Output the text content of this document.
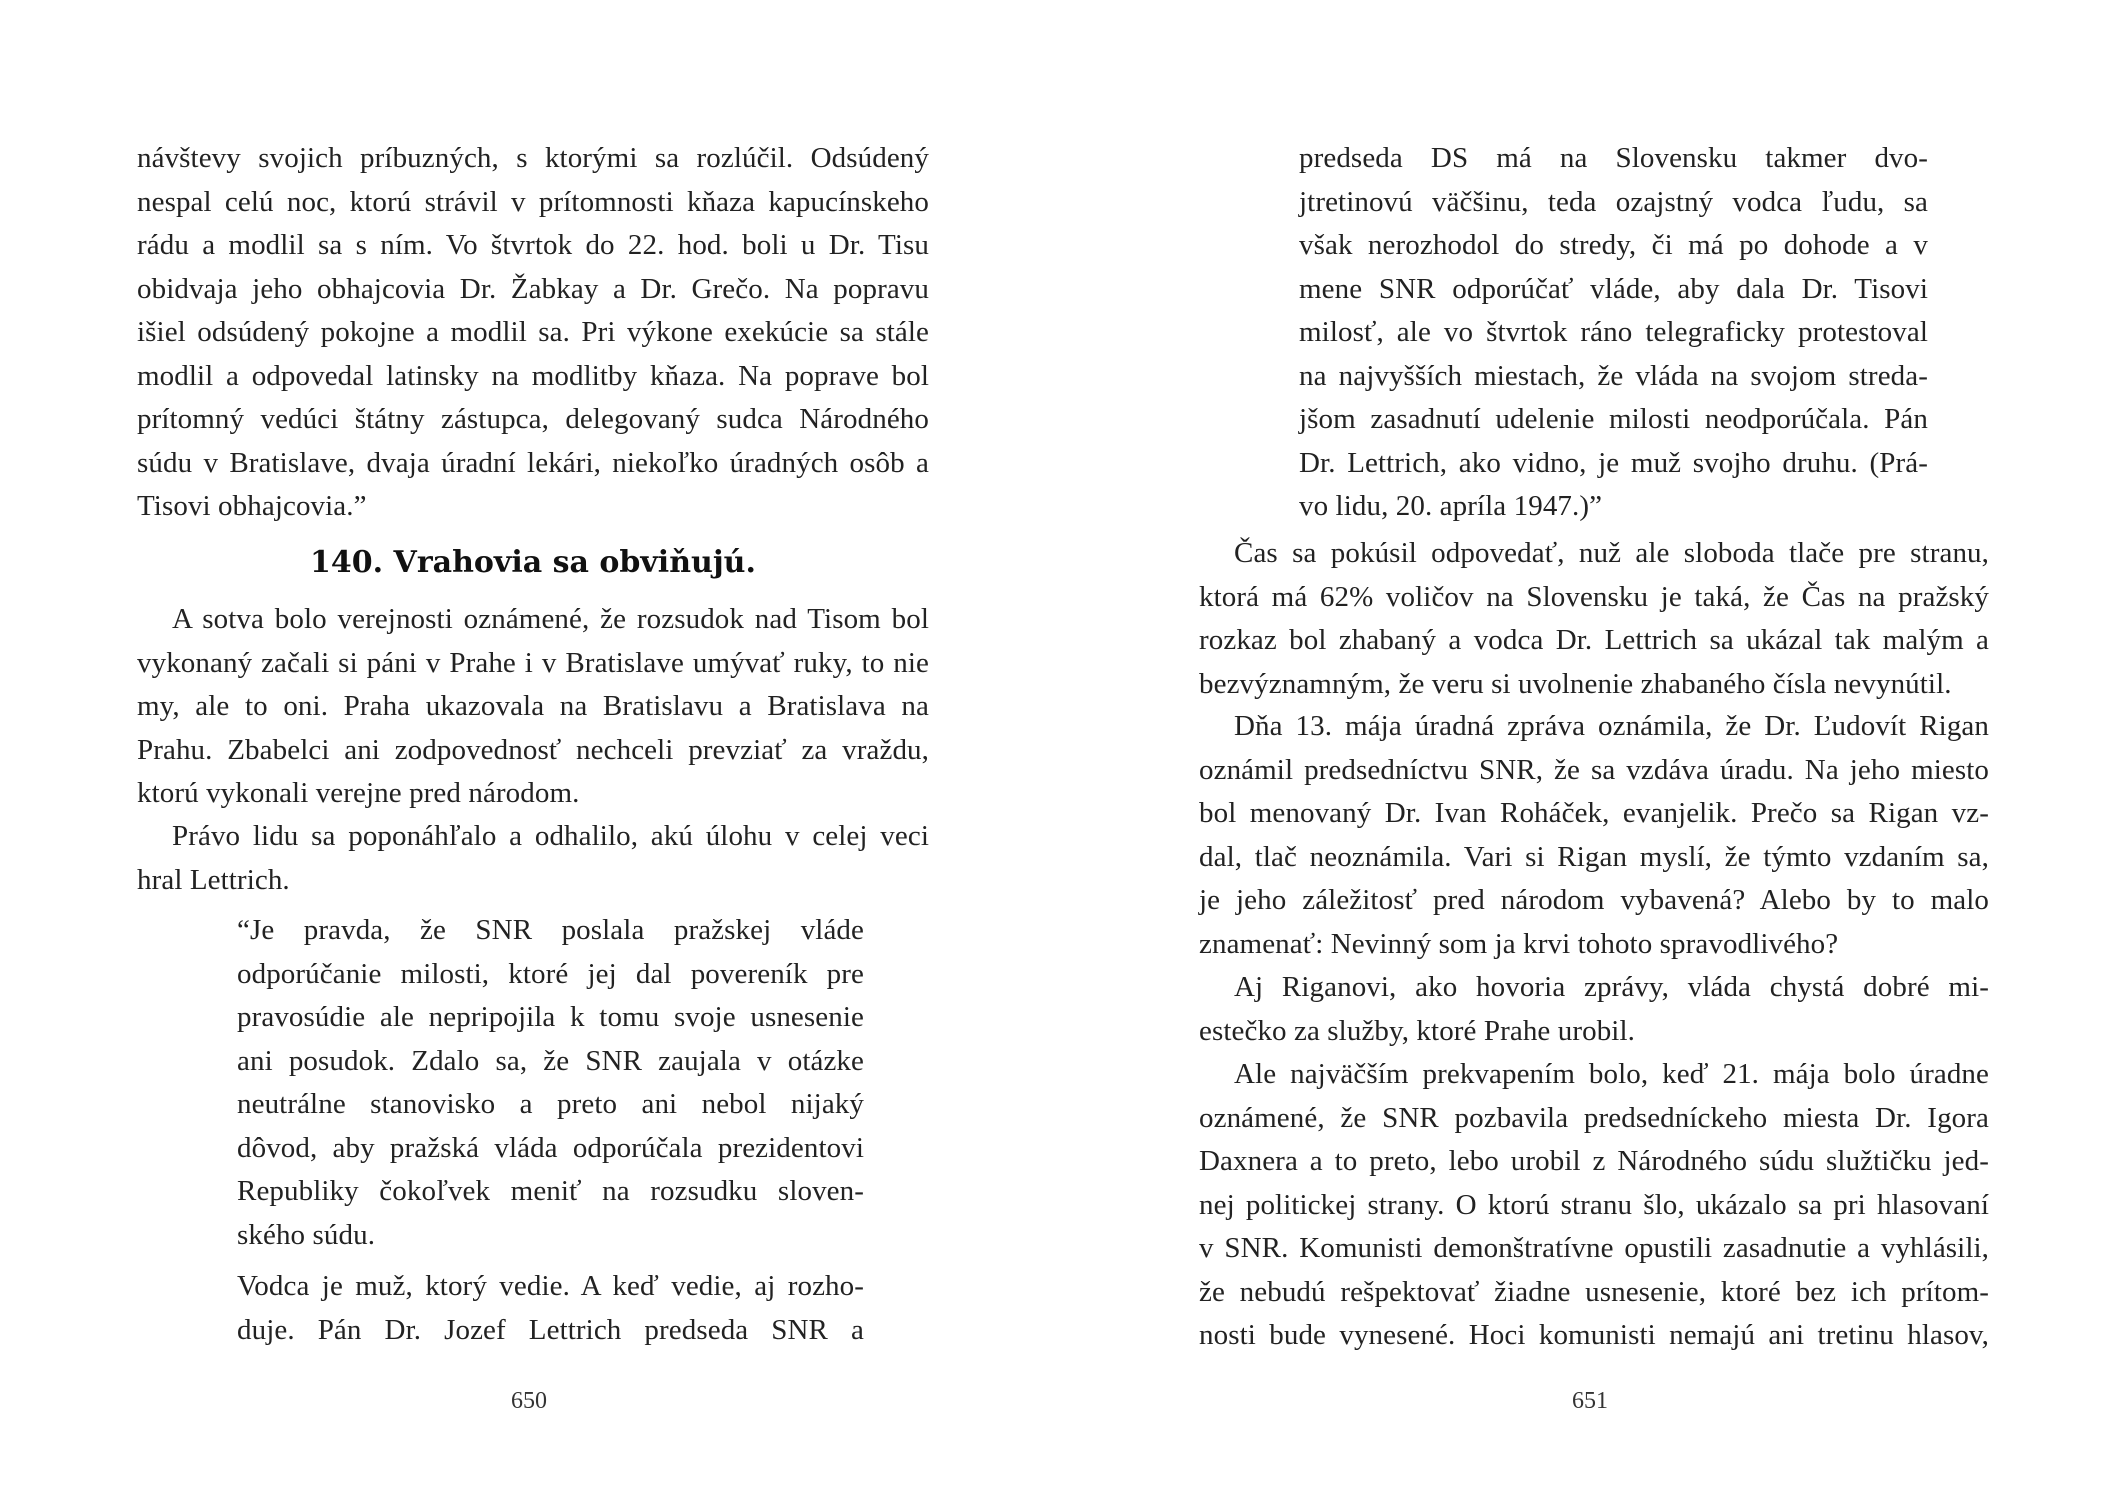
návštevy svojich príbuzných, s ktorými sa rozlúčil. Odsúdený
nespal celú noc, ktorú strávil v prítomnosti kňaza kapucínskeho
rádu a modlil sa s ním. Vo štvrtok do 22. hod. boli u Dr. Tisu
obidvaja jeho obhajcovia Dr. Žabkay a Dr. Grečo. Na popravu
išiel odsúdený pokojne a modlil sa. Pri výkone exekúcie sa stále
modlil a odpovedal latinsky na modlitby kňaza. Na poprave bol
prítomný vedúci štátny zástupca, delegovaný sudca Národného
súdu v Bratislave, dvaja úradní lekári, niekoľko úradných osôb a
Tisovi obhajcovia.”
140. Vrahovia sa obviňujú.
A sotva bolo verejnosti oznámené, že rozsudok nad Tisom bol
vykonaný začali si páni v Prahe i v Bratislave umývať ruky, to nie
my, ale to oni. Praha ukazovala na Bratislavu a Bratislava na
Prahu. Zbabelci ani zodpovednosť nechceli prevziať za vraždu,
ktorú vykonali verejne pred národom.
Právo lidu sa poponáhľalo a odhalilo, akú úlohu v celej veci
hral Lettrich.
“Je pravda, že SNR poslala pražskej vláde
odporúčanie milosti, ktoré jej dal povereník pre
pravosúdie ale nepripojila k tomu svoje usnesenie
ani posudok. Zdalo sa, že SNR zaujala v otázke
neutrálne stanovisko a preto ani nebol nijaký
dôvod, aby pražská vláda odporúčala prezidentovi
Republiky čokoľvek meniť na rozsudku sloven-
ského súdu.
Vodca je muž, ktorý vedie. A keď vedie, aj rozho-
duje. Pán Dr. Jozef Lettrich predseda SNR a
650
predseda DS má na Slovensku takmer dvo-
jtretinovú väčšinu, teda ozajstný vodca ľudu, sa
však nerozhodol do stredy, či má po dohode a v
mene SNR odporúčať vláde, aby dala Dr. Tisovi
milosť, ale vo štvrtok ráno telegraficky protestoval
na najvyšších miestach, že vláda na svojom streda-
jšom zasadnutí udelenie milosti neodporúčala. Pán
Dr. Lettrich, ako vidno, je muž svojho druhu. (Prá-
vo lidu, 20. apríla 1947.)”
Čas sa pokúsil odpovedať, nuž ale sloboda tlače pre stranu,
ktorá má 62% voličov na Slovensku je taká, že Čas na pražský
rozkaz bol zhabaný a vodca Dr. Lettrich sa ukázal tak malým a
bezvýznamným, že veru si uvolnenie zhabaného čísla nevynútil.
Dňa 13. mája úradná zpráva oznámila, že Dr. Ľudovít Rigan
oznámil predsedníctvu SNR, že sa vzdáva úradu. Na jeho miesto
bol menovaný Dr. Ivan Roháček, evanjelik. Prečo sa Rigan vz-
dal, tlač neoznámila. Vari si Rigan myslí, že týmto vzdaním sa,
je jeho záležitosť pred národom vybavená? Alebo by to malo
znamenať: Nevinný som ja krvi tohoto spravodlivého?
Aj Riganovi, ako hovoria zprávy, vláda chystá dobré mi-
estečko za služby, ktoré Prahe urobil.
Ale najväčším prekvapením bolo, keď 21. mája bolo úradne
oznámené, že SNR pozbavila predsedníckeho miesta Dr. Igora
Daxnera a to preto, lebo urobil z Národného súdu služtičku jed-
nej politickej strany. O ktorú stranu šlo, ukázalo sa pri hlasovaní
v SNR. Komunisti demonštratívne opustili zasadnutie a vyhlásili,
že nebudú rešpektovať žiadne usnesenie, ktoré bez ich prítom-
nosti bude vynesené. Hoci komunisti nemajú ani tretinu hlasov,
651
